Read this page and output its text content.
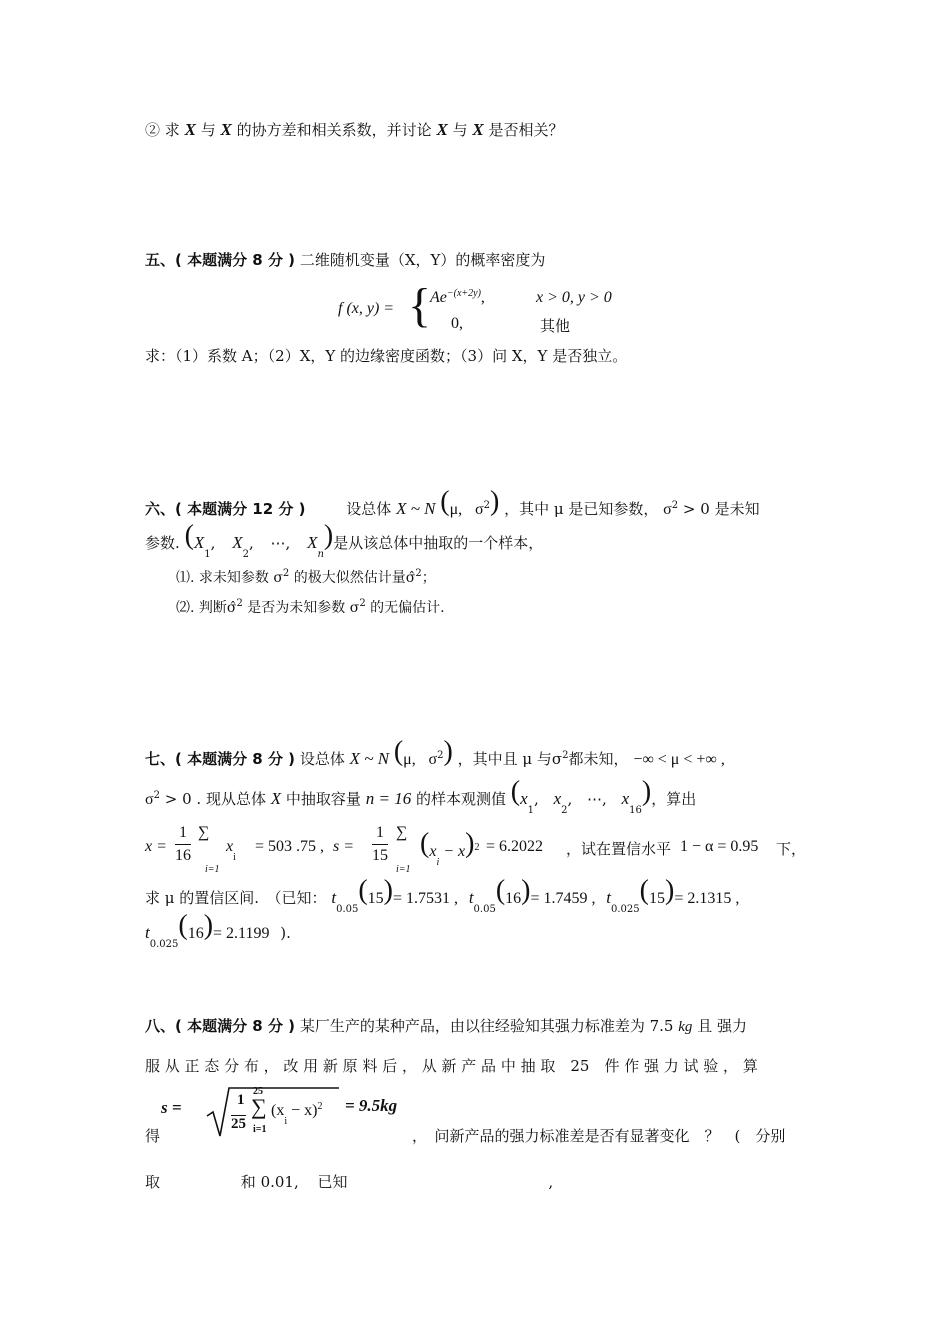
② 求 X 与 X 的协方差和相关系数，并讨论 X 与 X 是否相关？
五、( 本题满分 8 分 ) 二维随机变量（X，Y）的概率密度为
f (x, y) = {
$Ae^{-(x+2y)}$,	x > 0, y > 0
0,	其他
求：（1）系数 A；（2）X，Y 的边缘密度函数；（3）问 X，Y 是否独立。
六、( 本题满分 12 分 )	设总体 X ~ N (μ, $\sigma^2$) ，其中 μ 是已知参数， $\sigma^2 > 0$ 是未知
参数. ($X_1$, $X_2$, ⋯, $X_n$)是从该总体中抽取的一个样本，
⑴. 求未知参数 $\sigma^2$ 的极大似然估计量σ̂$^2$；
⑵. 判断σ̂$^2$ 是否为未知参数 $\sigma^2$ 的无偏估计.
七、( 本题满分 8 分 ) 设总体 X ~ N (μ, $\sigma^2$) ，其中且 μ 与$\sigma^2$都未知， −∞ < μ < +∞ ,
$\sigma^2 > 0$ . 现从总体 X 中抽取容量 n = 16 的样本观测值 ($x_1$, $x_2$, ⋯, $x_{16}$)，算出
$x = \frac{1}{16}$ ∑
$x_i$
i=1
= 503 .75 , $s = \frac{1}{15}$ ∑
i=1
$(x_i - x)^2 = 6.2022$ ，试在置信水平 1 − α = 0.95 下，
求 μ 的置信区间.　（已知： $t_{0.05}(15)= 1.7531$ , $t_{0.05}(16)= 1.7459$ , $t_{0.025}(15)= 2.1315$ ,
$t_{0.025}(16)= 2.1199$ ).
八、( 本题满分 8 分 ) 某厂生产的某种产品，由以往经验知其强力标准差为 7.5 kg 且 强力
服 从 正 态 分 布 ， 改 用 新 原 料 后 ， 从 新 产 品 中 抽 取　25　件 作 强 力 试 验 ， 算
得
s =	1
25
25
∑
i=1
$(x_i - x)^2 = 9.5kg$
，　问新产品的强力标准差是否有显著变化　？　(　分别
取	和 0.01, 已知	,
